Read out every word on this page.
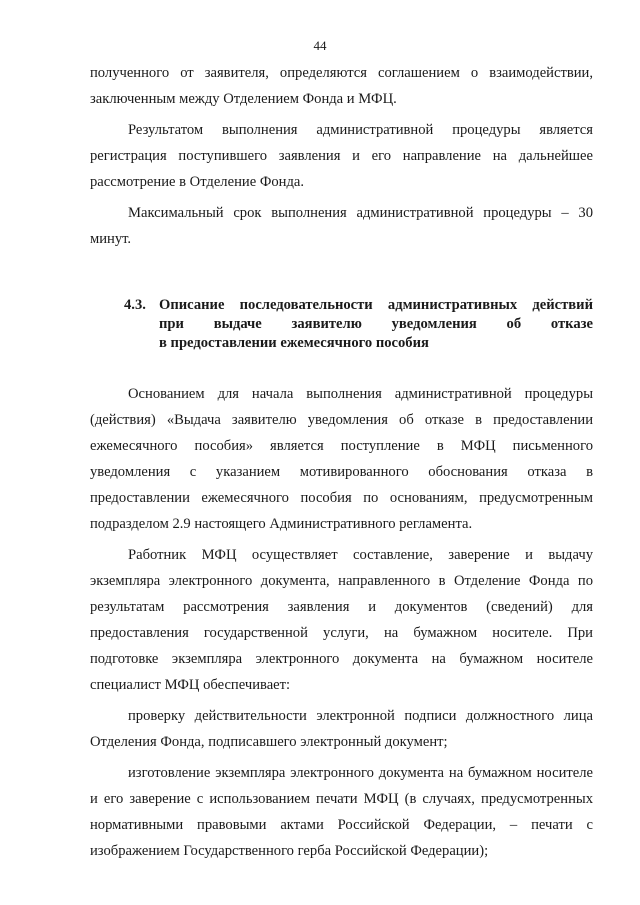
44

полученного от заявителя, определяются соглашением о взаимодействии, заключенным между Отделением Фонда и МФЦ.

Результатом выполнения административной процедуры является регистрация поступившего заявления и его направление на дальнейшее рассмотрение в Отделение Фонда.

Максимальный срок выполнения административной процедуры – 30 минут.

4.3. Описание последовательности административных действий
при выдаче заявителю уведомления об отказе
в предоставлении ежемесячного пособия

Основанием для начала выполнения административной процедуры (действия) «Выдача заявителю уведомления об отказе в предоставлении ежемесячного пособия» является поступление в МФЦ письменного уведомления с указанием мотивированного обоснования отказа в предоставлении ежемесячного пособия по основаниям, предусмотренным подразделом 2.9 настоящего Административного регламента.

Работник МФЦ осуществляет составление, заверение и выдачу экземпляра электронного документа, направленного в Отделение Фонда по результатам рассмотрения заявления и документов (сведений) для предоставления государственной услуги, на бумажном носителе. При подготовке экземпляра электронного документа на бумажном носителе специалист МФЦ обеспечивает:

проверку действительности электронной подписи должностного лица Отделения Фонда, подписавшего электронный документ;

изготовление экземпляра электронного документа на бумажном носителе и его заверение с использованием печати МФЦ (в случаях, предусмотренных нормативными правовыми актами Российской Федерации, – печати с изображением Государственного герба Российской Федерации);
